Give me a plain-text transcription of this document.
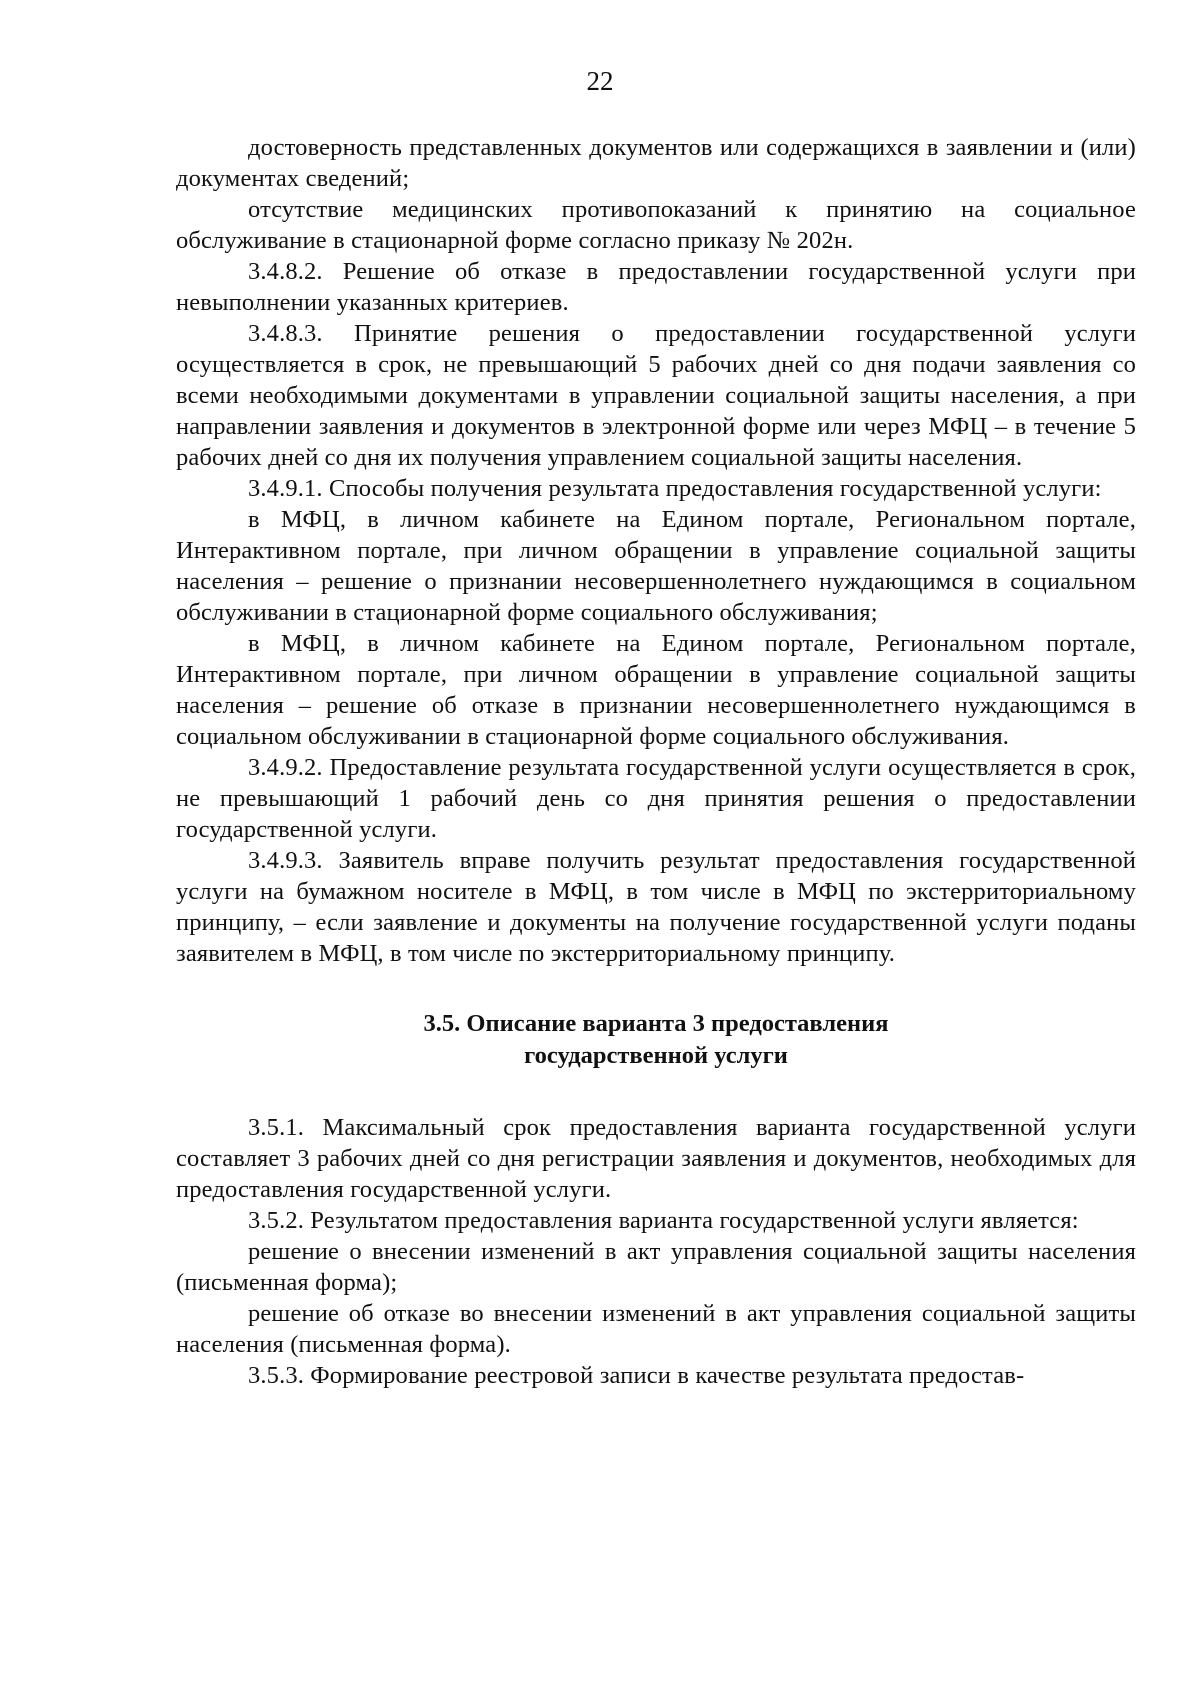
22

достоверность представленных документов или содержащихся в заявлении и (или) документах сведений;

отсутствие медицинских противопоказаний к принятию на социальное обслуживание в стационарной форме согласно приказу № 202н.

3.4.8.2. Решение об отказе в предоставлении государственной услуги при невыполнении указанных критериев.

3.4.8.3. Принятие решения о предоставлении государственной услуги осуществляется в срок, не превышающий 5 рабочих дней со дня подачи заявления со всеми необходимыми документами в управлении социальной защиты населения, а при направлении заявления и документов в электронной форме или через МФЦ – в течение 5 рабочих дней со дня их получения управлением социальной защиты населения.

3.4.9.1. Способы получения результата предоставления государственной услуги:

в МФЦ, в личном кабинете на Едином портале, Региональном портале, Интерактивном портале, при личном обращении в управление социальной защиты населения – решение о признании несовершеннолетнего нуждающимся в социальном обслуживании в стационарной форме социального обслуживания;

в МФЦ, в личном кабинете на Едином портале, Региональном портале, Интерактивном портале, при личном обращении в управление социальной защиты населения – решение об отказе в признании несовершеннолетнего нуждающимся в социальном обслуживании в стационарной форме социального обслуживания.

3.4.9.2. Предоставление результата государственной услуги осуществляется в срок, не превышающий 1 рабочий день со дня принятия решения о предоставлении государственной услуги.

3.4.9.3. Заявитель вправе получить результат предоставления государственной услуги на бумажном носителе в МФЦ, в том числе в МФЦ по экстерриториальному принципу, – если заявление и документы на получение государственной услуги поданы заявителем в МФЦ, в том числе по экстерриториальному принципу.

3.5. Описание варианта 3 предоставления
государственной услуги

3.5.1. Максимальный срок предоставления варианта государственной услуги составляет 3 рабочих дней со дня регистрации заявления и документов, необходимых для предоставления государственной услуги.

3.5.2. Результатом предоставления варианта государственной услуги является:

решение о внесении изменений в акт управления социальной защиты населения (письменная форма);

решение об отказе во внесении изменений в акт управления социальной защиты населения (письменная форма).

3.5.3. Формирование реестровой записи в качестве результата предостав-
